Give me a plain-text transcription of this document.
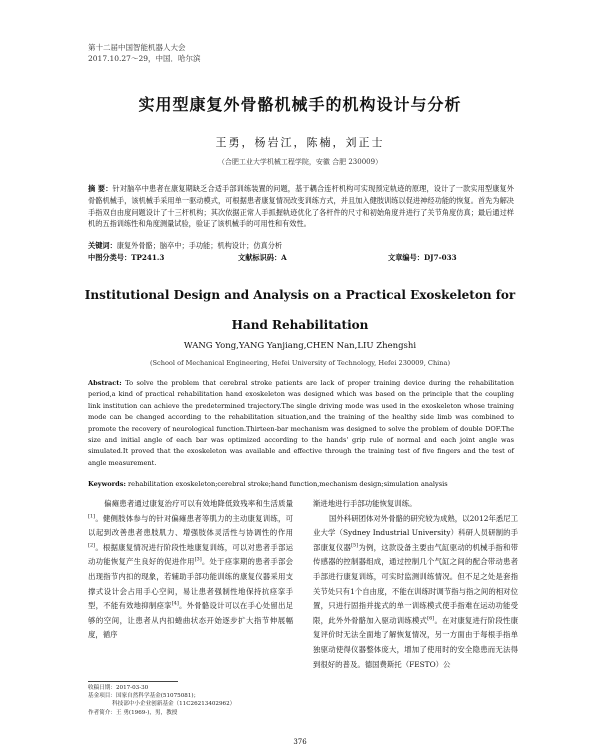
第十二届中国智能机器人大会
2017.10.27～29，中国．哈尔滨
实用型康复外骨骼机械手的机构设计与分析
王勇，杨岩江，陈楠，刘正士
（合肥工业大学机械工程学院，安徽 合肥 230009）
摘 要：针对脑卒中患者在康复期缺乏合适手部训练装置的问题，基于耦合连杆机构可实现预定轨迹的原理，设计了一款实用型康复外骨骼机械手，该机械手采用单一驱动模式，可根据患者康复情况改变训练方式，并且加入健肢训练以促进神经功能的恢复。首先为解决手指双自由度问题设计了十三杆机构；其次依据正常人手抓握轨迹优化了各杆件的尺寸和初始角度并进行了关节角度仿真；最后通过样机的五指训练性和角度测量试验，验证了该机械手的可用性和有效性。
关键词：康复外骨骼；脑卒中；手功能；机构设计；仿真分析
中图分类号：TP241.3	文献标识码：A	文章编号：DJ7-033
Institutional Design and Analysis on a Practical Exoskeleton for
Hand Rehabilitation
WANG Yong,YANG Yanjiang,CHEN Nan,LIU Zhengshi
(School of Mechanical Engineering, Hefei University of Technology, Hefei 230009, China)
Abstract: To solve the problem that cerebral stroke patients are lack of proper training device during the rehabilitation period,a kind of practical rehabilitation hand exoskeleton was designed which was based on the principle that the coupling link institution can achieve the predetermined trajectory.The single driving mode was used in the exoskeleton whose training mode can be changed according to the rehabilitation situation,and the training of the healthy side limb was combined to promote the recovery of neurological function.Thirteen-bar mechanism was designed to solve the problem of double DOF.The size and initial angle of each bar was optimized according to the hands' grip rule of normal and each joint angle was simulated.It proved that the exoskeleton was available and effective through the training test of five fingers and the test of angle measurement.
Keywords: rehabilitation exoskeleton;cerebral stroke;hand function,mechanism design;simulation analysis
偏瘫患者通过康复治疗可以有效地降低致残率和生活质量[1]。健侧肢体参与的针对偏瘫患者等肌力的主动康复训练，可以起到改善患者患肢肌力、增强肢体灵活性与协调性的作用[2]。根据康复情况进行阶段性地康复训练，可以对患者手部运动功能恢复产生良好的促进作用[3]。处于痉挛期的患者手部会出现指节内扣的现象，若辅助手部功能训练的康复仪器采用支撑式设计会占用手心空间，易让患者强制性地保持抗痉挛手型，不能有效地抑制痉挛[4]。外骨骼设计可以在手心处留出足够的空间，让患者从内扣蜷曲状态开始逐步扩大指节伸展幅度，循序
渐进地进行手部功能恢复训练。
国外科研团体对外骨骼的研究较为成熟，以2012年悉尼工业大学（Sydney Industrial University）科研人员研制的手部康复仪器[5]为例，这款设备主要由气缸驱动的机械手指和带传感器的控制器组成，通过控制几个气缸之间的配合带动患者手部进行康复训练，可实时监测训练情况。但不足之处是套指关节处只有1个自由度，不能在训练时调节指与指之间的相对位置，只进行固指并拢式的单一训练模式使手指难在运动功能受限，此外外骨骼加入驱动训练模式[6]。在对康复进行阶段性康复评价时无法全面地了解恢复情况，另一方面由于每根手指单独驱动使得仪器整体庞大，增加了使用时的安全隐患而无法得到很好的普及。德国费斯托（FESTO）公
收稿日期：2017-03-30
基金项目：国家自然科学基金(51075081)；
科技部中小企业创新基金（11C26213402962）
作者简介：王 勇(1969-)，男，教授
376
